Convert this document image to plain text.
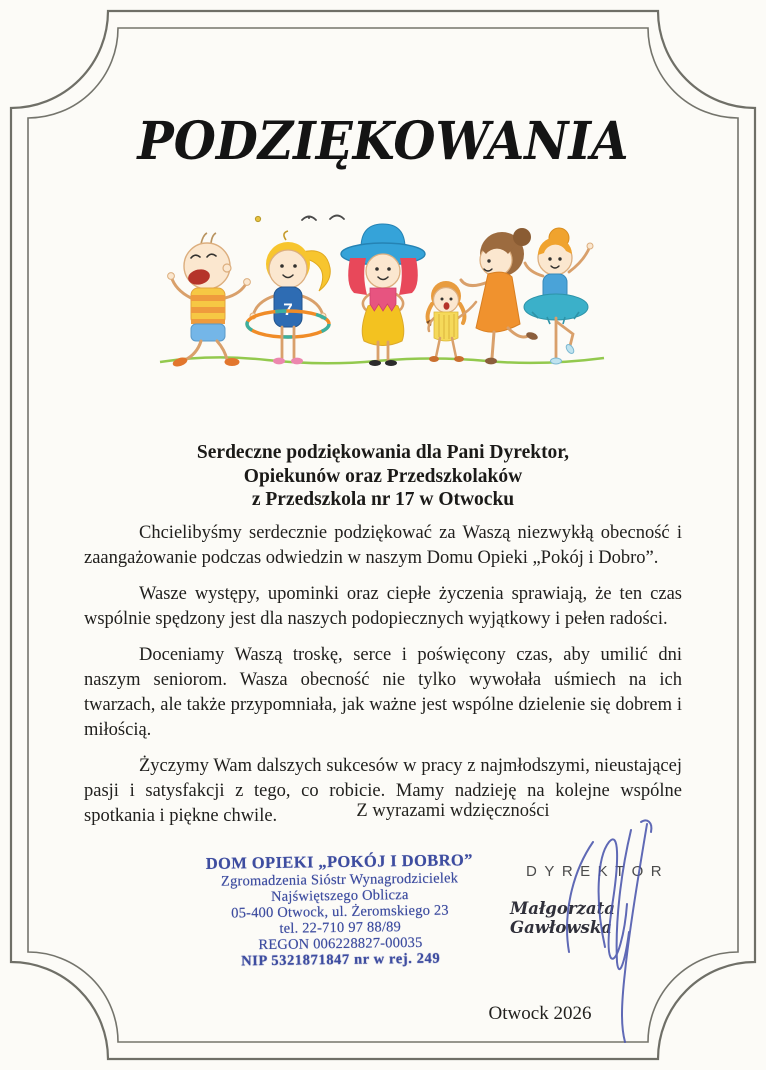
PODZIĘKOWANIA
7
Serdeczne podziękowania dla Pani Dyrektor,
Opiekunów oraz Przedszkolaków
z Przedszkola nr 17 w Otwocku

Chcielibyśmy serdecznie podziękować za Waszą niezwykłą obecność i zaangażowanie podczas odwiedzin w naszym Domu Opieki „Pokój i Dobro”.

Wasze występy, upominki oraz ciepłe życzenia sprawiają, że ten czas wspólnie spędzony jest dla naszych podopiecznych wyjątkowy i pełen radości.

Doceniamy Waszą troskę, serce i poświęcony czas, aby umilić dni naszym seniorom. Wasza obecność nie tylko wywołała uśmiech na ich twarzach, ale także przypomniała, jak ważne jest wspólne dzielenie się dobrem i miłością.

Życzymy Wam dalszych sukcesów w pracy z najmłodszymi, nieustającej pasji i satysfakcji z tego, co robicie. Mamy nadzieję na kolejne wspólne spotkania i piękne chwile.	Z wyrazami wdzięczności
DOM OPIEKI „POKÓJ I DOBRO”
Zgromadzenia Sióstr Wynagrodzicielek
Najświętszego Oblicza
05-400 Otwock, ul. Żeromskiego 23
tel. 22-710 97 88/89
REGON 006228827-00035
NIP 5321871847 nr w rej. 249
DYREKTOR
Małgorzata Gawłowska
Otwock 2026
